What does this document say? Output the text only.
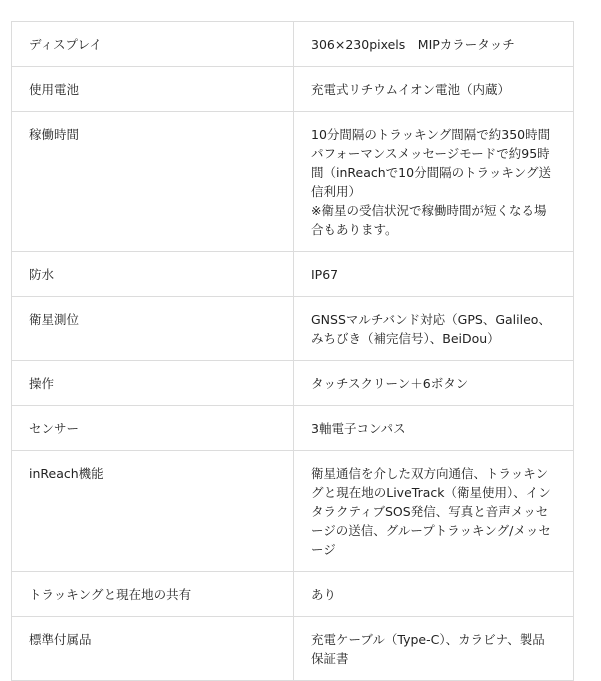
ディスプレイ	306×230pixels　MIPカラータッチ
使用電池	充電式リチウムイオン電池（内蔵）
稼働時間	10分間隔のトラッキング間隔で約350時間
パフォーマンスメッセージモードで約95時間（inReachで10分間隔のトラッキング送信利用）
※衛星の受信状況で稼働時間が短くなる場合もあります。
防水	IP67
衛星測位	GNSSマルチバンド対応（GPS、Galileo、みちびき（補完信号）、BeiDou）
操作	タッチスクリーン＋6ボタン
センサー	3軸電子コンパス
inReach機能	衛星通信を介した双方向通信、トラッキングと現在地のLiveTrack（衛星使用）、インタラクティブSOS発信、写真と音声メッセージの送信、グループトラッキング/メッセージ
トラッキングと現在地の共有	あり
標準付属品	充電ケーブル（Type-C）、カラビナ、製品保証書
